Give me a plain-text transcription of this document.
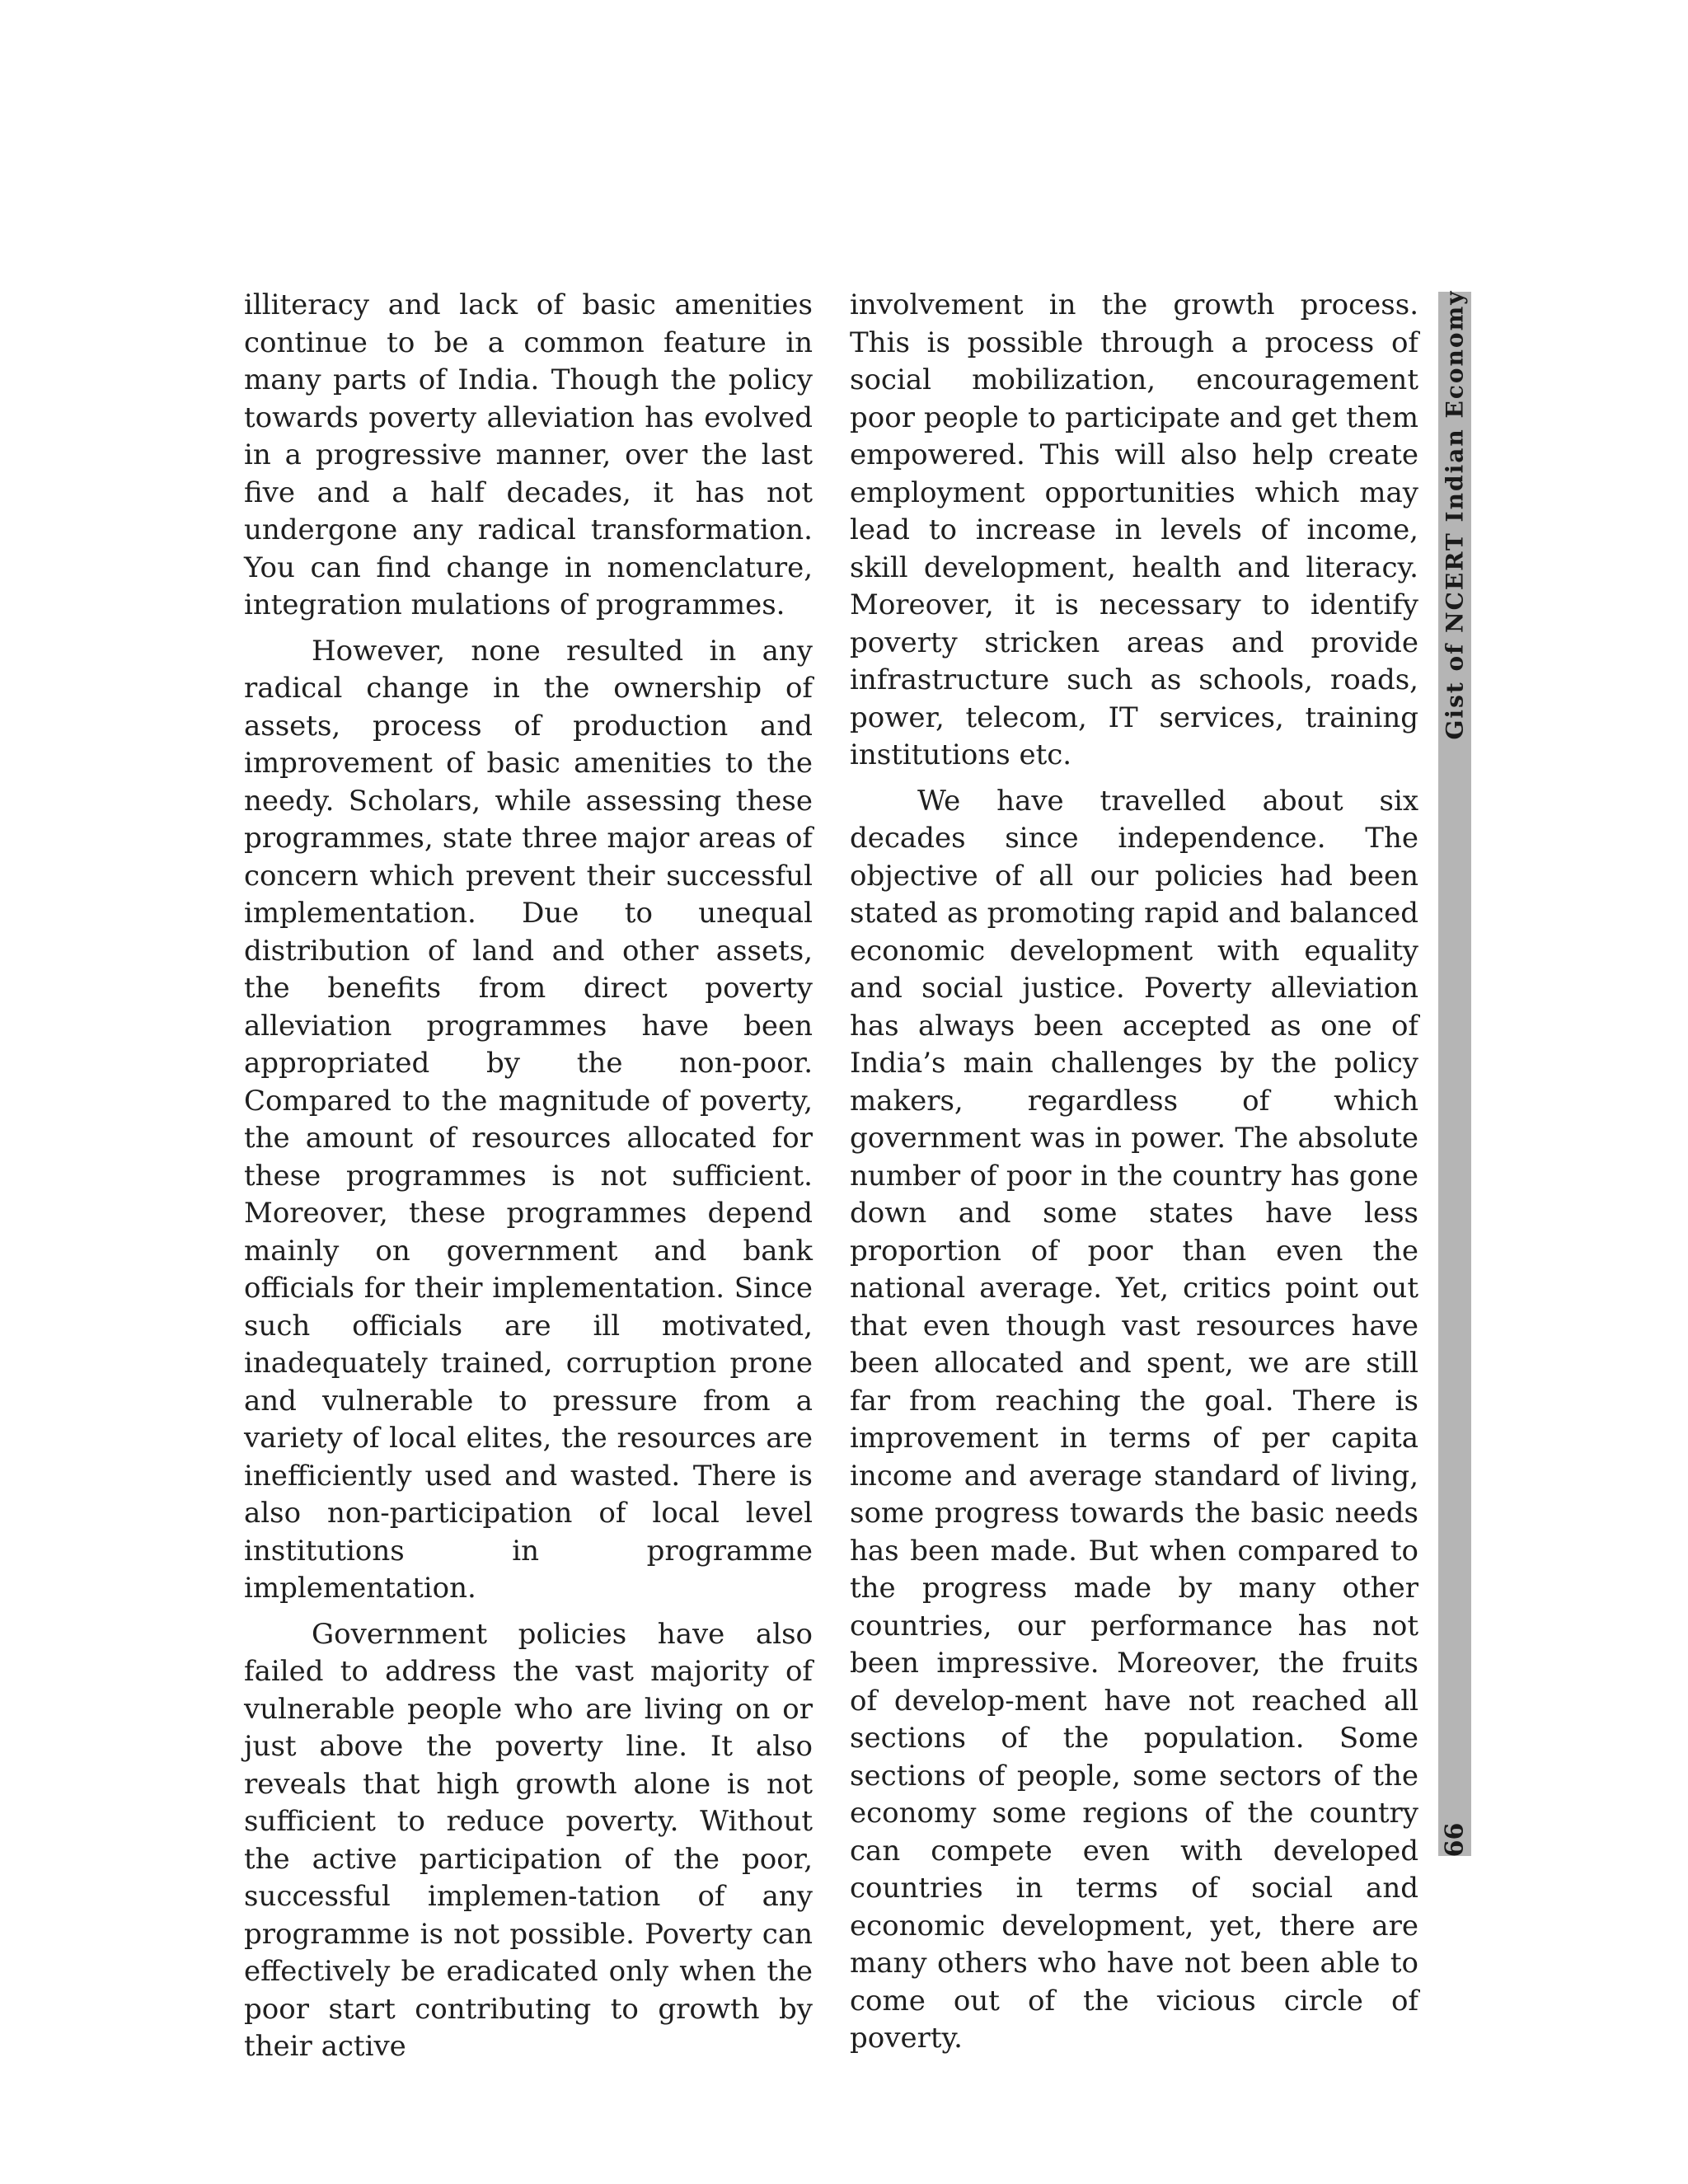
illiteracy and lack of basic amenities continue to be a common feature in many parts of India. Though the policy towards poverty alleviation has evolved in a progressive manner, over the last five and a half decades, it has not undergone any radical transformation. You can find change in nomenclature, integration mulations of programmes.

However, none resulted in any radical change in the ownership of assets, process of production and improvement of basic amenities to the needy. Scholars, while assessing these programmes, state three major areas of concern which prevent their successful implementation. Due to unequal distribution of land and other assets, the benefits from direct poverty alleviation programmes have been appropriated by the non-poor. Compared to the magnitude of poverty, the amount of resources allocated for these programmes is not sufficient. Moreover, these programmes depend mainly on government and bank officials for their implementation. Since such officials are ill motivated, inadequately trained, corruption prone and vulnerable to pressure from a variety of local elites, the resources are inefficiently used and wasted. There is also non-participation of local level institutions in programme implementation.

Government policies have also failed to address the vast majority of vulnerable people who are living on or just above the poverty line. It also reveals that high growth alone is not sufficient to reduce poverty. Without the active participation of the poor, successful implemen-tation of any programme is not possible. Poverty can effectively be eradicated only when the poor start contributing to growth by their active

involvement in the growth process. This is possible through a process of social mobilization, encouragement poor people to participate and get them empowered. This will also help create employment opportunities which may lead to increase in levels of income, skill development, health and literacy. Moreover, it is necessary to identify poverty stricken areas and provide infrastructure such as schools, roads, power, telecom, IT services, training institutions etc.

We have travelled about six decades since independence. The objective of all our policies had been stated as promoting rapid and balanced economic development with equality and social justice. Poverty alleviation has always been accepted as one of India’s main challenges by the policy makers, regardless of which government was in power. The absolute number of poor in the country has gone down and some states have less proportion of poor than even the national average. Yet, critics point out that even though vast resources have been allocated and spent, we are still far from reaching the goal. There is improvement in terms of per capita income and average standard of living, some progress towards the basic needs has been made. But when compared to the progress made by many other countries, our performance has not been impressive. Moreover, the fruits of develop-ment have not reached all sections of the population. Some sections of people, some sectors of the economy some regions of the country can compete even with developed countries in terms of social and economic development, yet, there are many others who have not been able to come out of the vicious circle of poverty.

Gist of NCERT Indian Economy
66
